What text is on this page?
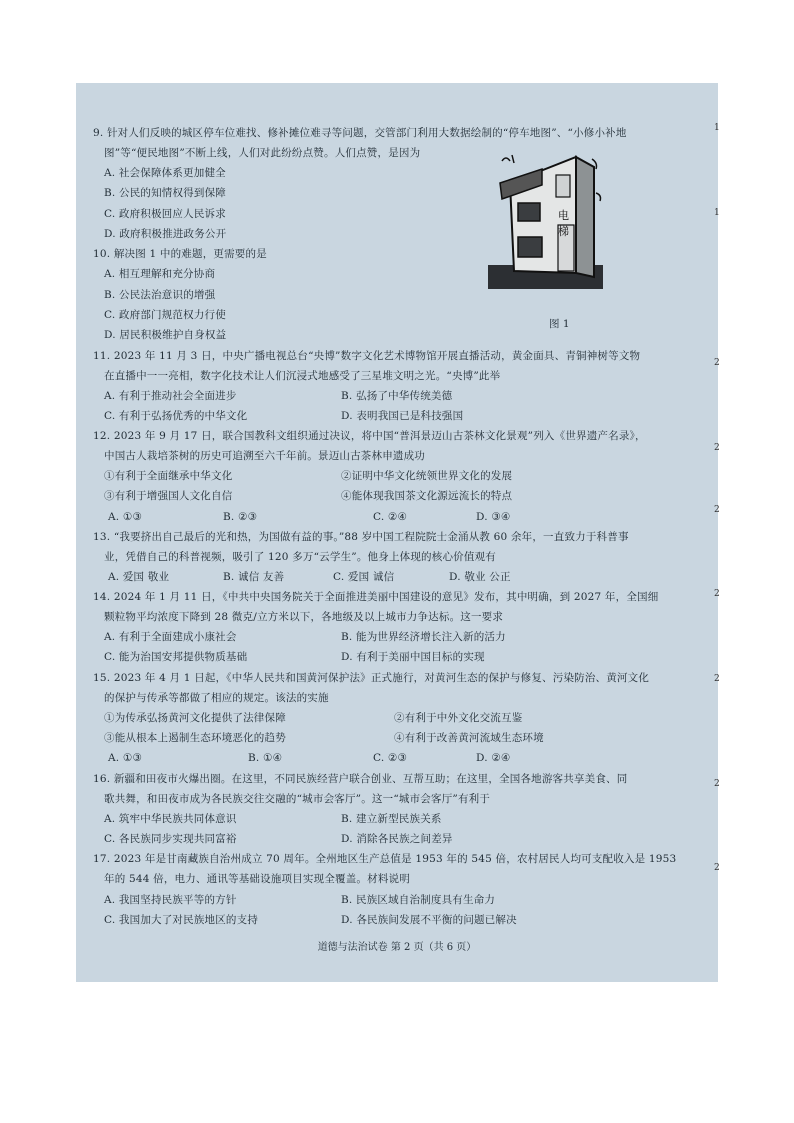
9. 针对人们反映的城区停车位难找、修补摊位难寻等问题，交管部门利用大数据绘制的“停车地图”、“小修小补地
图”等“便民地图”不断上线，人们对此纷纷点赞。人们点赞，是因为
A. 社会保障体系更加健全
B. 公民的知情权得到保障
C. 政府积极回应人民诉求
D. 政府积极推进政务公开
10. 解决图 1 中的难题，更需要的是
A. 相互理解和充分协商
B. 公民法治意识的增强
C. 政府部门规范权力行使
D. 居民积极维护自身权益
电
梯
图 1
11. 2023 年 11 月 3 日，中央广播电视总台“央博”数字文化艺术博物馆开展直播活动，黄金面具、青铜神树等文物
在直播中一一亮相，数字化技术让人们沉浸式地感受了三星堆文明之光。“央博”此举
A. 有利于推动社会全面进步	B. 弘扬了中华传统美德
C. 有利于弘扬优秀的中华文化	D. 表明我国已是科技强国
12. 2023 年 9 月 17 日，联合国教科文组织通过决议，将中国“普洱景迈山古茶林文化景观”列入《世界遗产名录》，
中国古人栽培茶树的历史可追溯至六千年前。景迈山古茶林申遗成功
①有利于全面继承中华文化	②证明中华文化统领世界文化的发展
③有利于增强国人文化自信	④能体现我国茶文化源远流长的特点
A. ①③	B. ②③	C. ②④	D. ③④
13. “我要挤出自己最后的光和热，为国做有益的事。”88 岁中国工程院院士金涌从教 60 余年，一直致力于科普事
业，凭借自己的科普视频，吸引了 120 多万“云学生”。他身上体现的核心价值观有
A. 爱国 敬业	B. 诚信 友善	C. 爱国 诚信	D. 敬业 公正
14. 2024 年 1 月 11 日，《中共中央国务院关于全面推进美丽中国建设的意见》发布，其中明确，到 2027 年，全国细
颗粒物平均浓度下降到 28 微克/立方米以下，各地级及以上城市力争达标。这一要求
A. 有利于全面建成小康社会	B. 能为世界经济增长注入新的活力
C. 能为治国安邦提供物质基础	D. 有利于美丽中国目标的实现
15. 2023 年 4 月 1 日起，《中华人民共和国黄河保护法》正式施行，对黄河生态的保护与修复、污染防治、黄河文化
的保护与传承等都做了相应的规定。该法的实施
①为传承弘扬黄河文化提供了法律保障	②有利于中外文化交流互鉴
③能从根本上遏制生态环境恶化的趋势	④有利于改善黄河流域生态环境
A. ①③	B. ①④	C. ②③	D. ②④
16. 新疆和田夜市火爆出圈。在这里，不同民族经营户联合创业、互帮互助；在这里，全国各地游客共享美食、同
歌共舞，和田夜市成为各民族交往交融的“城市会客厅”。这一“城市会客厅”有利于
A. 筑牢中华民族共同体意识	B. 建立新型民族关系
C. 各民族同步实现共同富裕	D. 消除各民族之间差异
17. 2023 年是甘南藏族自治州成立 70 周年。全州地区生产总值是 1953 年的 545 倍，农村居民人均可支配收入是 1953
年的 544 倍，电力、通讯等基础设施项目实现全覆盖。材料说明
A. 我国坚持民族平等的方针	B. 民族区域自治制度具有生命力
C. 我国加大了对民族地区的支持	D. 各民族间发展不平衡的问题已解决
道德与法治试卷 第 2 页（共 6 页）
1
1
2
2
2
2
2
2
2
